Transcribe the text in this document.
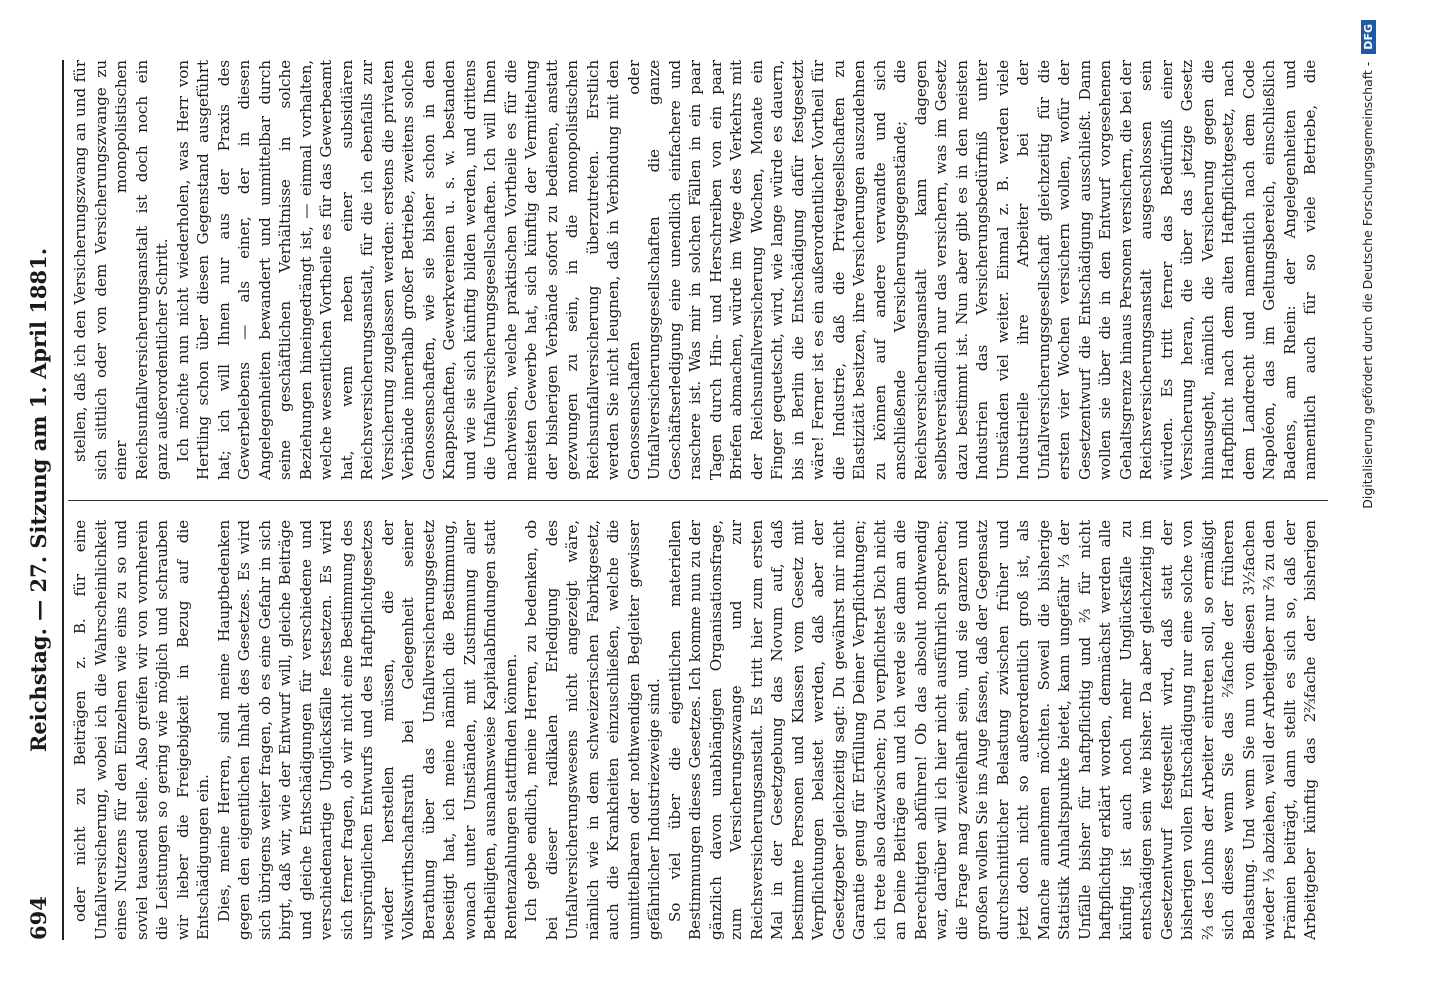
694
Reichstag. — 27. Sitzung am 1. April 1881. oder nicht zu Beiträgen z. B. für eine Unfallversicherung, wobei ich die Wahrscheinlichkeit eines Nutzens für den Einzelnen wie eins zu so und soviel tausend stelle. Also greifen wir von vornherein die Leistungen so gering wie möglich und schrauben wir lieber die Freigebigkeit in Bezug auf die Entschädigungen ein. Dies, meine Herren, sind meine Hauptbedenken gegen den eigentlichen Inhalt des Gesetzes. Es wird sich übrigens weiter fragen, ob es eine Gefahr in sich birgt, daß wir, wie der Entwurf will, gleiche Beiträge und gleiche Entschädigungen für verschiedene und verschiedenartige Unglücksfälle festsetzen. Es wird sich ferner fragen, ob wir nicht eine Bestimmung des ursprünglichen Entwurfs und des Haftpflichtgesetzes wieder herstellen müssen, die der Volkswirthschaftsrath bei Gelegenheit seiner Berathung über das Unfallversicherungsgesetz beseitigt hat, ich meine nämlich die Bestimmung, wonach unter Umständen, mit Zustimmung aller Betheiligten, ausnahmsweise Kapitalabfindungen statt Rentenzahlungen stattfinden können. Ich gebe endlich, meine Herren, zu bedenken, ob bei dieser radikalen Erledigung des Unfallversicherungswesens nicht angezeigt wäre, nämlich wie in dem schweizerischen Fabrikgesetz, auch die Krankheiten einzuschließen, welche die unmittelbaren oder nothwendigen Begleiter gewisser gefährlicher Industriezweige sind. So viel über die eigentlichen materiellen Bestimmungen dieses Gesetzes. Ich komme nun zu der gänzlich davon unabhängigen Organisationsfrage, zum Versicherungszwange und zur Reichsversicherungsanstalt. Es tritt hier zum ersten Mal in der Gesetzgebung das Novum auf, daß bestimmte Personen und Klassen vom Gesetz mit Verpflichtungen belastet werden, daß aber der Gesetzgeber gleichzeitig sagt: Du gewährst mir nicht Garantie genug für Erfüllung Deiner Verpflichtungen; ich trete also dazwischen; Du verpflichtest Dich nicht an Deine Beiträge an und ich werde sie dann an die Berechtigten abführen! Ob das absolut nothwendig war, darüber will ich hier nicht ausführlich sprechen; die Frage mag zweifelhaft sein, und sie ganzen und großen wollen Sie ins Auge fassen, daß der Gegensatz durchschnittlicher Belastung zwischen früher und jetzt doch nicht so außerordentlich groß ist, als Manche annehmen möchten. Soweil die bisherige Statistik Anhaltspunkte bietet, kann ungefähr ⅓ der Unfälle bisher für haftpflichtig und ⅔ für nicht haftpflichtig erklärt worden, demnächst werden alle künftig ist auch noch mehr Unglücksfälle zu entschädigen sein wie bisher. Da aber gleichzeitig im Gesetzentwurf festgestellt wird, daß statt der bisherigen vollen Entschädigung nur eine solche von ⅔ des Lohns der Arbeiter eintreten soll, so ermäßigt sich dieses wenn Sie das ⅔fache der früheren Belastung. Und wenn Sie nun von diesen 3½fachen wieder ⅓ abziehen, weil der Arbeitgeber nur ⅔ zu den Prämien beiträgt, dann stellt es sich so, daß der Arbeitgeber künftig das 2⅔fache der bisherigen

stellen, daß ich den Versicherungszwang an und für sich sittlich oder von dem Versicherungszwange zu einer monopolistischen Reichsunfallversicherungsanstalt ist doch noch ein ganz außerordentlicher Schritt. Ich möchte nun nicht wiederholen, was Herr von Hertling schon über diesen Gegenstand ausgeführt hat; ich will Ihnen nur aus der Praxis des Gewerbelebens — als einer, der in diesen Angelegenheiten bewandert und unmittelbar durch seine geschäftlichen Verhältnisse in solche Beziehungen hineingedrängt ist, — einmal vorhalten, welche wesentlichen Vortheile es für das Gewerbeamt hat, wenn neben einer subsidiären Reichsversicherungsanstalt, für die ich ebenfalls zur Versicherung zugelassen werden: erstens die privaten Verbände innerhalb großer Betriebe, zweitens solche Genossenschaften, wie sie bisher schon in den Knappschaften, Gewerkvereinen u. s. w. bestanden und wie sie sich künftig bilden werden, und drittens die Unfallversicherungsgesellschaften. Ich will Ihnen nachweisen, welche praktischen Vortheile es für die meisten Gewerbe hat, sich künftig der Vermittelung der bisherigen Verbände sofort zu bedienen, anstatt gezwungen zu sein, in die monopolistischen Reichsunfallversicherung überzutreten. Erstlich werden Sie nicht leugnen, daß in Verbindung mit den Genossenschaften oder Unfallversicherungsgesellschaften die ganze Geschäftserledigung eine unendlich einfachere und raschere ist. Was mir in solchen Fällen in ein paar Tagen durch Hin- und Herschreiben von ein paar Briefen abmachen, würde im Wege des Verkehrs mit der Reichsunfallversicherung Wochen, Monate ein Finger gequetscht, wird, wie lange würde es dauern, bis in Berlin die Entschädigung dafür festgesetzt wäre! Ferner ist es ein außerordentlicher Vortheil für die Industrie, daß die Privatgesellschaften zu Elastizität besitzen, ihre Versicherungen auszudehnen zu können auf andere verwandte und sich anschließende Versicherungsgegenstände; die Reichsversicherungsanstalt kann dagegen selbstverständlich nur das versichern, was im Gesetz dazu bestimmt ist. Nun aber gibt es in den meisten Industrien das Versicherungsbedürfniß unter Umständen viel weiter. Einmal z. B. werden viele Industrielle ihre Arbeiter bei der Unfallversicherungsgesellschaft gleichzeitig für die ersten vier Wochen versichern wollen, wofür der Gesetzentwurf die Entschädigung ausschließt. Dann wollen sie über die in den Entwurf vorgesehenen Gehaltsgrenze hinaus Personen versichern, die bei der Reichsversicherungsanstalt ausgeschlossen sein würden. Es tritt ferner das Bedürfniß einer Versicherung heran, die über das jetzige Gesetz hinausgeht, nämlich die Versicherung gegen die Haftpflicht nach dem alten Haftpflichtgesetz, nach dem Landrecht und namentlich nach dem Code Napoléon, das im Geltungsbereich, einschließlich Badens, am Rhein: der Angelegenheiten und namentlich auch für so viele Betriebe, die	Digitalisierung gefördert durch die Deutsche Forschungsgemeinschaft - DFG
